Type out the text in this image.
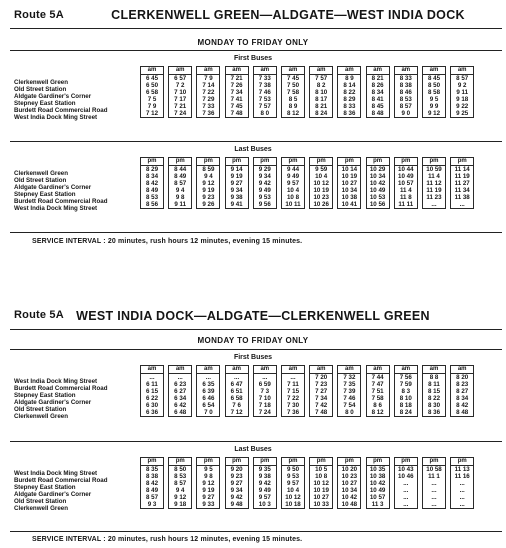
Route 5A	CLERKENWELL GREEN—ALDGATE—WEST INDIA DOCK
MONDAY TO FRIDAY ONLY
First Buses
Clerkenwell Green
Old Street Station
Aldgate Gardiner's Corner
Stepney East Station
Burdett Road Commercial Road
West India Dock Ming Street
am
6 45
6 50
6 58
7 5
7 9
7 12
am
6 57
7 2
7 10
7 17
7 21
7 24
am
7 9
7 14
7 22
7 29
7 33
7 36
am
7 21
7 26
7 34
7 41
7 45
7 48
am
7 33
7 38
7 46
7 53
7 57
8 0
am
7 45
7 50
7 58
8 5
8 9
8 12
am
7 57
8 2
8 10
8 17
8 21
8 24
am
8 9
8 14
8 22
8 29
8 33
8 36
am
8 21
8 26
8 34
8 41
8 45
8 48
am
8 33
8 38
8 46
8 53
8 57
9 0
am
8 45
8 50
8 58
9 5
9 9
9 12
am
8 57
9 2
9 11
9 18
9 22
9 25
Last Buses
Clerkenwell Green
Old Street Station
Aldgate Gardiner's Corner
Stepney East Station
Burdett Road Commercial Road
West India Dock Ming Street
pm
8 29
8 34
8 42
8 49
8 53
8 56
pm
8 44
8 49
8 57
9 4
9 8
9 11
pm
8 59
9 4
9 12
9 19
9 23
9 26
pm
9 14
9 19
9 27
9 34
9 38
9 41
pm
9 29
9 34
9 42
9 49
9 53
9 56
pm
9 44
9 49
9 57
10 4
10 8
10 11
pm
9 59
10 4
10 12
10 19
10 23
10 26
pm
10 14
10 19
10 27
10 34
10 38
10 41
pm
10 29
10 34
10 42
10 49
10 53
10 56
pm
10 44
10 49
10 57
11 4
11 8
11 11
pm
10 59
11 4
11 12
11 19
11 23
...
pm
11 14
11 19
11 27
11 34
11 38
...
SERVICE INTERVAL : 20 minutes, rush hours 12 minutes, evening 15 minutes.
Route 5A WEST INDIA DOCK—ALDGATE—CLERKENWELL GREEN
MONDAY TO FRIDAY ONLY
First Buses
West India Dock Ming Street
Burdett Road Commercial Road
Stepney East Station
Aldgate Gardiner's Corner
Old Street Station
Clerkenwell Green
am
...
6 11
6 15
6 22
6 30
6 36
am
...
6 23
6 27
6 34
6 42
6 48
am
...
6 35
6 39
6 46
6 54
7 0
am
...
6 47
6 51
6 58
7 6
7 12
am
...
6 59
7 3
7 10
7 18
7 24
am
...
7 11
7 15
7 22
7 30
7 36
am
7 20
7 23
7 27
7 34
7 42
7 48
am
7 32
7 35
7 39
7 46
7 54
8 0
am
7 44
7 47
7 51
7 58
8 6
8 12
am
7 56
7 59
8 3
8 10
8 18
8 24
am
8 8
8 11
8 15
8 22
8 30
8 36
am
8 20
8 23
8 27
8 34
8 42
8 48
Last Buses
West India Dock Ming Street
Burdett Road Commercial Road
Stepney East Station
Aldgate Gardiner's Corner
Old Street Station
Clerkenwell Green
pm
8 35
8 38
8 42
8 49
8 57
9 3
pm
8 50
8 53
8 57
9 4
9 12
9 18
pm
9 5
9 8
9 12
9 19
9 27
9 33
pm
9 20
9 23
9 27
9 34
9 42
9 48
pm
9 35
9 38
9 42
9 49
9 57
10 3
pm
9 50
9 53
9 57
10 4
10 12
10 18
pm
10 5
10 8
10 12
10 19
10 27
10 33
pm
10 20
10 23
10 27
10 34
10 42
10 48
pm
10 35
10 38
10 42
10 49
10 57
11 3
pm
10 43
10 46
...
...
...
...
pm
10 58
11 1
...
...
...
...
pm
11 13
11 16
...
...
...
...
SERVICE INTERVAL : 20 minutes, rush hours 12 minutes, evening 15 minutes.
